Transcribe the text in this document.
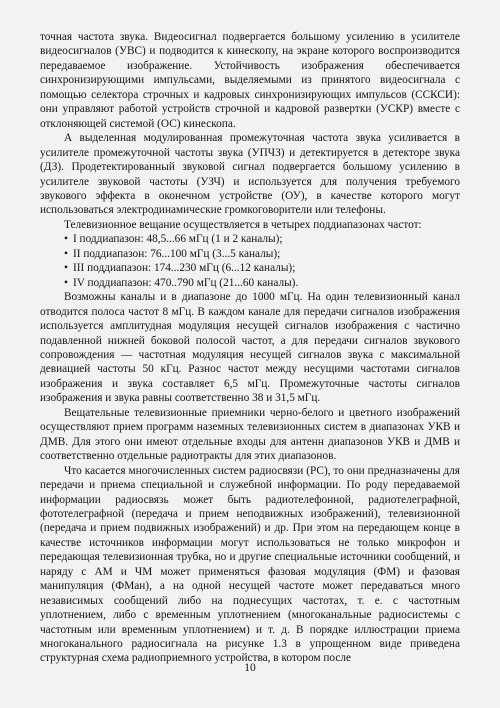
точная частота звука. Видеосигнал подвергается большому усилению в усилителе видеосигналов (УВС) и подводится к кинескопу, на экране которого воспроизводится передаваемое изображение. Устойчивость изображения обеспечивается синхронизирующими импульсами, выделяемыми из принятого видеосигнала с помощью селектора строчных и кадровых синхронизирующих импульсов (ССКСИ): они управляют работой устройств строчной и кадровой развертки (УСКР) вместе с отклоняющей системой (ОС) кинескопа.

А выделенная модулированная промежуточная частота звука усиливается в усилителе промежуточной частоты звука (УПЧЗ) и детектируется в детекторе звука (ДЗ). Продетектированный звуковой сигнал подвергается большому усилению в усилителе звуковой частоты (УЗЧ) и используется для получения требуемого звукового эффекта в оконечном устройстве (ОУ), в качестве которого могут использоваться электродинамические громкоговорители или телефоны.

Телевизионное вещание осуществляется в четырех поддиапазонах частот:

• I поддиапазон: 48,5...66 мГц (1 и 2 каналы);
• II поддиапазон: 76...100 мГц (3...5 каналы);
• III поддиапазон: 174...230 мГц (6...12 каналы);
• IV поддиапазон: 470..790 мГц (21...60 каналы).

Возможны каналы и в диапазоне до 1000 мГц. На один телевизионный канал отводится полоса частот 8 мГц. В каждом канале для передачи сигналов изображения используется амплитудная модуляция несущей сигналов изображения с частично подавленной нижней боковой полосой частот, а для передачи сигналов звукового сопровождения — частотная модуляция несущей сигналов звука с максимальной девиацией частоты 50 кГц. Разнос частот между несущими частотами сигналов изображения и звука составляет 6,5 мГц. Промежуточные частоты сигналов изображения и звука равны соответственно 38 и 31,5 мГц.

Вещательные телевизионные приемники черно-белого и цветного изображений осуществляют прием программ наземных телевизионных систем в диапазонах УКВ и ДМВ. Для этого они имеют отдельные входы для антенн диапазонов УКВ и ДМВ и соответственно отдельные радиотракты для этих диапазонов.

Что касается многочисленных систем радиосвязи (РС), то они предназначены для передачи и приема специальной и служебной информации. По роду передаваемой информации радиосвязь может быть радиотелефонной, радиотелеграфной, фототелеграфной (передача и прием неподвижных изображений), телевизионной (передача и прием подвижных изображений) и др. При этом на передающем конце в качестве источников информации могут использоваться не только микрофон и передающая телевизионная трубка, но и другие специальные источники сообщений, и наряду с АМ и ЧМ может применяться фазовая модуляция (ФМ) и фазовая манипуляция (ФМан), а на одной несущей частоте может передаваться много независимых сообщений либо на поднесущих частотах, т. е. с частотным уплотнением, либо с временным уплотнением (многоканальные радиосистемы с частотным или временным уплотнением) и т. д. В порядке иллюстрации приема многоканального радиосигнала на рисунке 1.3 в упрощенном виде приведена структурная схема радиоприемного устройства, в котором после

10
